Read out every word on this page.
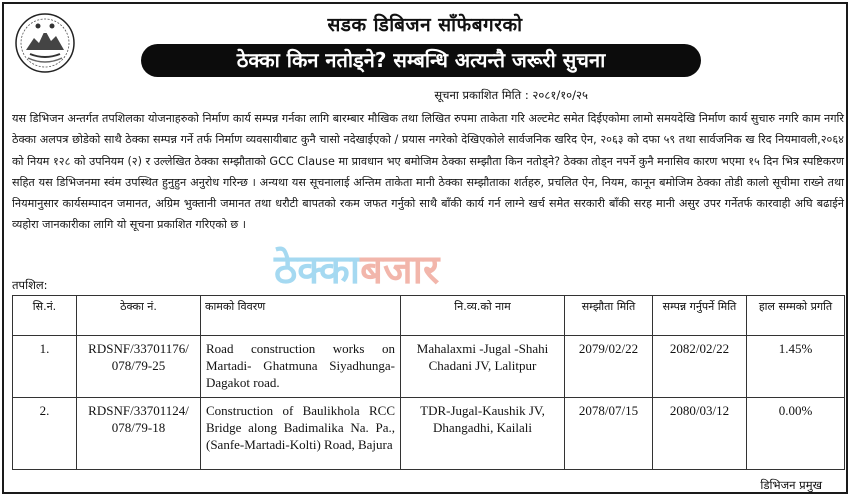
सडक डिबिजन साँफेबगरको
ठेक्का किन नतोड्ने? सम्बन्धि अत्यन्तै जरूरी सुचना
सूचना प्रकाशित मिति : २०८१/१०/२५

यस डिभिजन अन्तर्गत तपशिलका योजनाहरुको निर्माण कार्य सम्पन्न गर्नका लागि बारम्बार मौखिक तथा लिखित रुपमा ताकेता गरि अल्टमेट समेत दिईएकोमा लामो समयदेखि निर्माण कार्य सुचारु नगरि काम नगरि ठेक्का अलपत्र छोडेको साथै ठेक्का सम्पन्न गर्ने तर्फ निर्माण व्यवसायीबाट कुनै चासो नदेखाईएको / प्रयास नगरेको देखिएकोले सार्वजनिक खरिद ऐन, २०६३ को दफा ५९ तथा सार्वजनिक ख रिद नियमावली,२०६४ को नियम १२८ को उपनियम (२) र उल्लेखित ठेक्का सम्झौताको GCC Clause मा प्रावधान भए बमोजिम ठेक्का सम्झौता किन नतोड्ने? ठेक्का तोड्न नपर्ने कुनै मनासिव कारण भएमा १५ दिन भित्र स्पष्टिकरण सहित यस डिभिजनमा स्वंम उपस्थित हुनुहुन अनुरोध गरिन्छ । अन्यथा यस सूचनालाई अन्तिम ताकेता मानी ठेक्का सम्झौताका शर्तहरु, प्रचलित ऐन, नियम, कानून बमोजिम ठेक्का तोडी कालो सूचीमा राख्ने तथा नियमानुसार कार्यसम्पादन जमानत, अग्रिम भुक्तानी जमानत तथा धरौटी बापतको रकम जफत गर्नुको साथै बाँकी कार्य गर्न लाग्ने खर्च समेत सरकारी बाँकी सरह मानी असुर उपर गर्नेतर्फ कारवाही अघि बढाईने व्यहोरा जानकारीका लागि यो सूचना प्रकाशित गरिएको छ ।

ठेक्काबजार
तपशिल:
सि.नं.	ठेक्का नं.	कामको विवरण	नि.व्य.को नाम	सम्झौता मिति	सम्पन्न गर्नुपर्ने मिति	हाल सम्मको प्रगति
1.	RDSNF/33701176/ 078/79-25	Road construction works on Martadi- Ghatmuna Siyadhunga-Dagakot road.	Mahalaxmi -Jugal -Shahi Chadani JV, Lalitpur	2079/02/22	2082/02/22	1.45%
2.	RDSNF/33701124/ 078/79-18	Construction of Baulikhola RCC Bridge along Badimalika Na. Pa.,(Sanfe-Martadi-Kolti) Road, Bajura	TDR-Jugal-Kaushik JV, Dhangadhi, Kailali	2078/07/15	2080/03/12	0.00%
डिभिजन प्रमुख
